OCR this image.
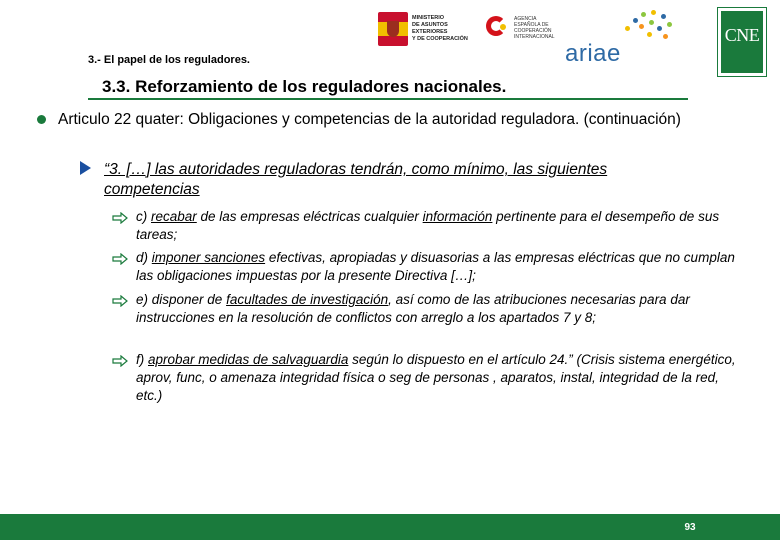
MINISTERIO
DE ASUNTOS EXTERIORES
Y DE COOPERACIÓN
AGENCIA
ESPAÑOLA DE
COOPERACIÓN
INTERNACIONAL
ariae
CNE
3.- El papel de los reguladores.
3.3. Reforzamiento de los reguladores nacionales.
Articulo 22 quater: Obligaciones y competencias de la autoridad reguladora. (continuación)
“3. […] las autoridades reguladoras tendrán, como mínimo, las siguientes competencias
c) recabar de las empresas eléctricas cualquier información pertinente para el desempeño de sus tareas;
d) imponer sanciones efectivas, apropiadas y disuasorias a las empresas eléctricas que no cumplan las obligaciones impuestas por la presente Directiva […];
e) disponer de facultades de investigación, así como de las atribuciones necesarias para dar instrucciones en la resolución de conflictos con arreglo a los apartados 7 y 8;
f) aprobar medidas de salvaguardia según lo dispuesto en el artículo 24.” (Crisis sistema energético, aprov, func, o amenaza integridad física o seg de personas , aparatos, instal, integridad de la red, etc.)
93
